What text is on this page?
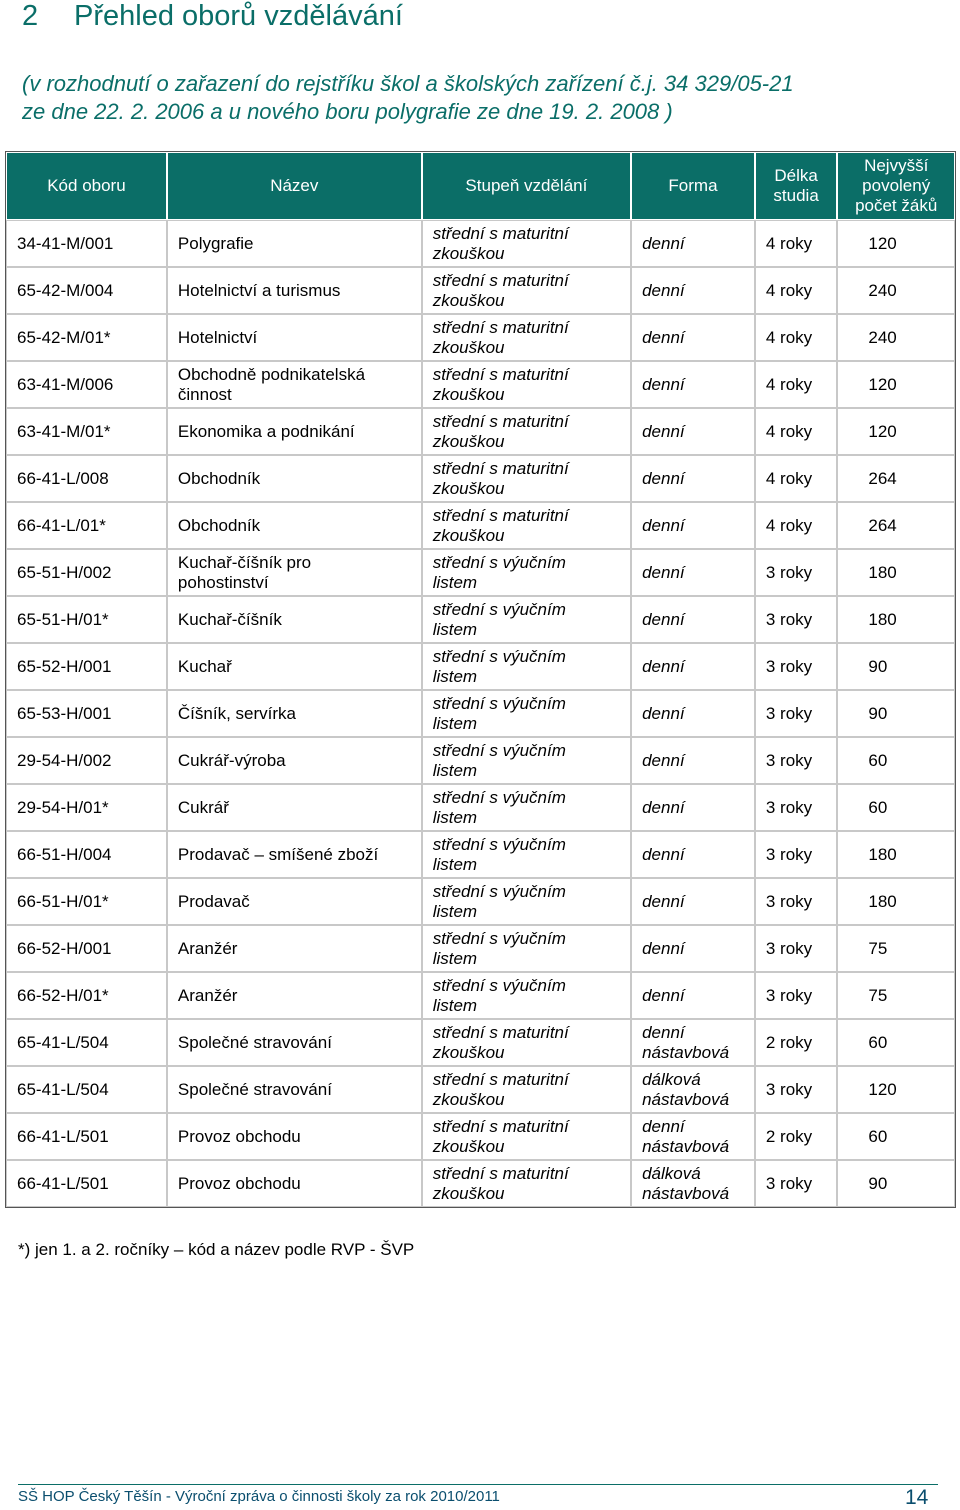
2 Přehled oborů vzdělávání
(v rozhodnutí o zařazení do rejstříku škol a školských zařízení č.j. 34 329/05-21
ze dne 22. 2. 2006 a u nového boru polygrafie ze dne 19. 2. 2008 )
Kód oboru	Název	Stupeň vzdělání	Forma	Délka
studia	Nejvyšší
povolený
počet žáků
34-41-M/001	Polygrafie	střední s maturitní
zkouškou	denní	4 roky	120
65-42-M/004	Hotelnictví a turismus	střední s maturitní
zkouškou	denní	4 roky	240
65-42-M/01*	Hotelnictví	střední s maturitní
zkouškou	denní	4 roky	240
63-41-M/006	Obchodně podnikatelská
činnost	střední s maturitní
zkouškou	denní	4 roky	120
63-41-M/01*	Ekonomika a podnikání	střední s maturitní
zkouškou	denní	4 roky	120
66-41-L/008	Obchodník	střední s maturitní
zkouškou	denní	4 roky	264
66-41-L/01*	Obchodník	střední s maturitní
zkouškou	denní	4 roky	264
65-51-H/002	Kuchař-číšník pro
pohostinství	střední s výučním
listem	denní	3 roky	180
65-51-H/01*	Kuchař-číšník	střední s výučním
listem	denní	3 roky	180
65-52-H/001	Kuchař	střední s výučním
listem	denní	3 roky	90
65-53-H/001	Číšník, servírka	střední s výučním
listem	denní	3 roky	90
29-54-H/002	Cukrář-výroba	střední s výučním
listem	denní	3 roky	60
29-54-H/01*	Cukrář	střední s výučním
listem	denní	3 roky	60
66-51-H/004	Prodavač – smíšené zboží	střední s výučním
listem	denní	3 roky	180
66-51-H/01*	Prodavač	střední s výučním
listem	denní	3 roky	180
66-52-H/001	Aranžér	střední s výučním
listem	denní	3 roky	75
66-52-H/01*	Aranžér	střední s výučním
listem	denní	3 roky	75
65-41-L/504	Společné stravování	střední s maturitní
zkouškou	denní
nástavbová	2 roky	60
65-41-L/504	Společné stravování	střední s maturitní
zkouškou	dálková
nástavbová	3 roky	120
66-41-L/501	Provoz obchodu	střední s maturitní
zkouškou	denní
nástavbová	2 roky	60
66-41-L/501	Provoz obchodu	střední s maturitní
zkouškou	dálková
nástavbová	3 roky	90
*) jen 1. a 2. ročníky – kód a název podle RVP - ŠVP
SŠ HOP Český Těšín - Výroční zpráva o činnosti školy za rok 2010/2011	14
